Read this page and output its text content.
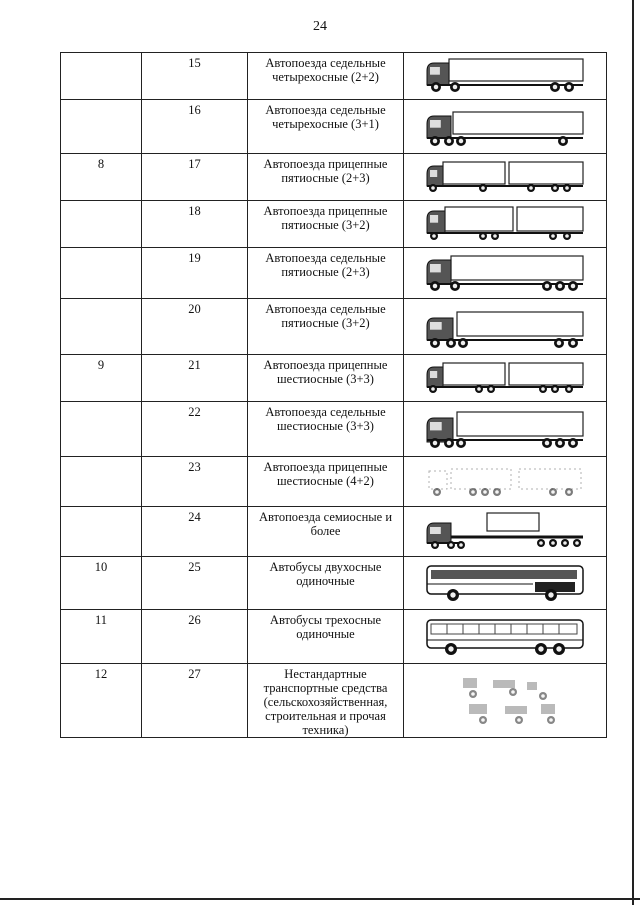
24
	15	Автопоезда седельные четырехосные (2+2)	

	16	Автопоезда седельные четырехосные (3+1)	

8	17	Автопоезда прицепные пятиосные (2+3)	

	18	Автопоезда прицепные пятиосные (3+2)	

	19	Автопоезда седельные пятиосные (2+3)	

	20	Автопоезда седельные пятиосные (3+2)	

9	21	Автопоезда прицепные шестиосные (3+3)	

	22	Автопоезда седельные шестиосные (3+3)	

	23	Автопоезда прицепные шестиосные (4+2)	

	24	Автопоезда семиосные и более	

10	25	Автобусы двухосные одиночные	

11	26	Автобусы трехосные одиночные	

12	27	Нестандартные транспортные средства (сельскохозяйственная, строительная и прочая техника)	
